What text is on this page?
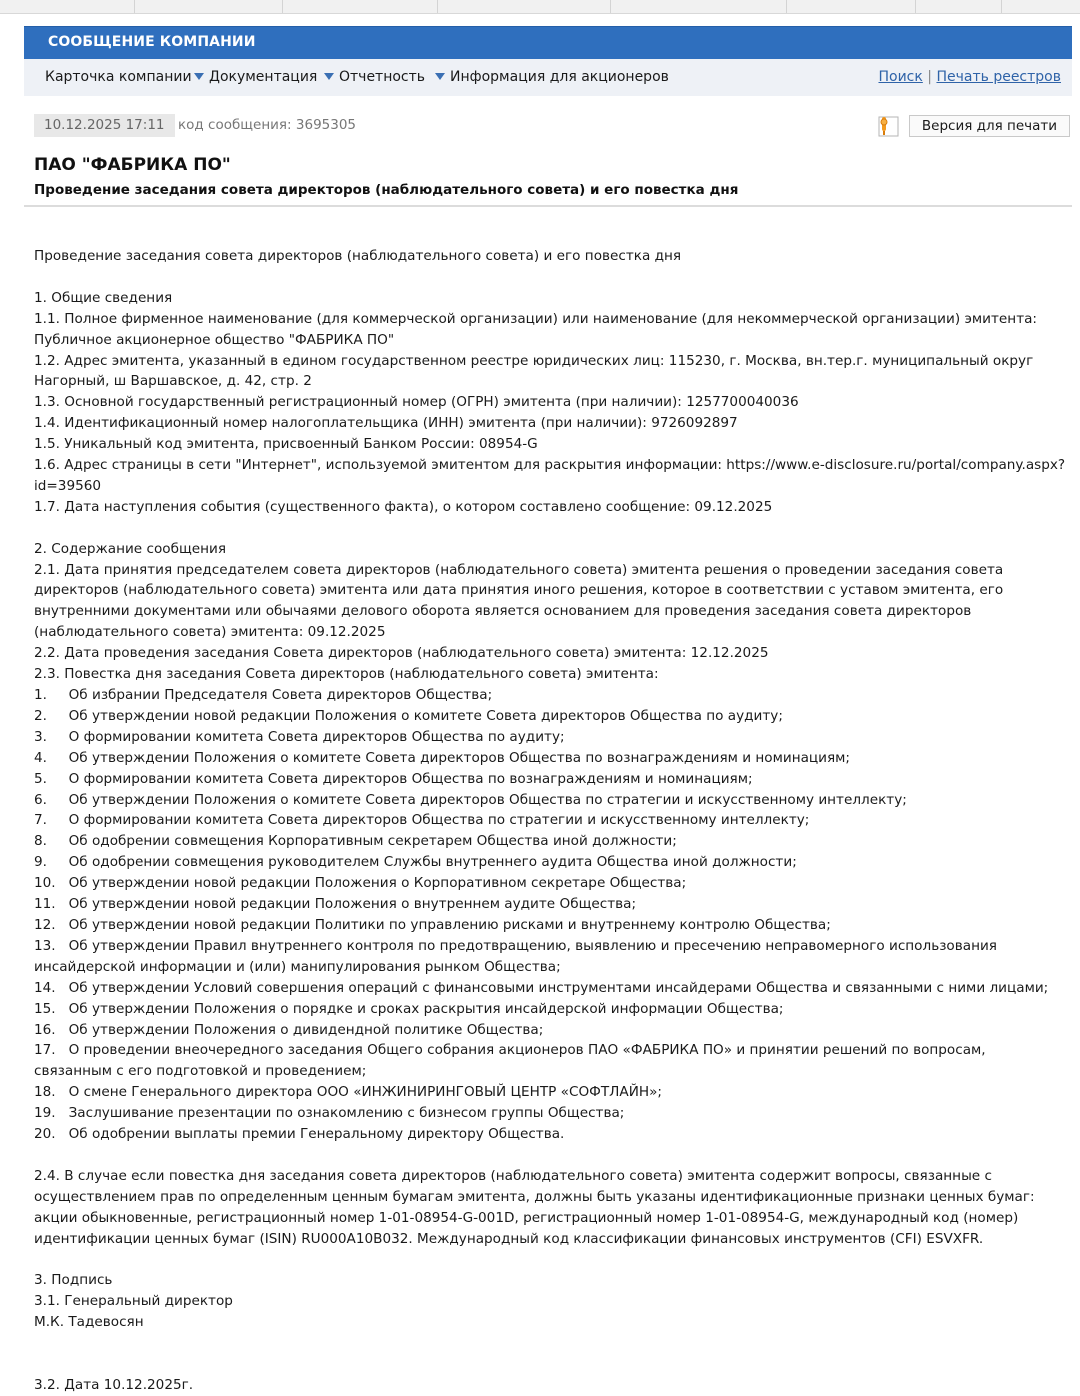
СООБЩЕНИЕ КОМПАНИИ
Карточка компании	Документация	Отчетность	Информация для акционеров	Поиск | Печать реестров
10.12.2025 17:11	код сообщения: 3695305	Версия для печати
ПАО "ФАБРИКА ПО"
Проведение заседания совета директоров (наблюдательного совета) и его повестка дня
Проведение заседания совета директоров (наблюдательного совета) и его повестка дня
1. Общие сведения
1.1. Полное фирменное наименование (для коммерческой организации) или наименование (для некоммерческой организации) эмитента: Публичное акционерное общество "ФАБРИКА ПО"
1.2. Адрес эмитента, указанный в едином государственном реестре юридических лиц: 115230, г. Москва, вн.тер.г. муниципальный округ Нагорный, ш Варшавское, д. 42, стр. 2
1.3. Основной государственный регистрационный номер (ОГРН) эмитента (при наличии): 1257700040036
1.4. Идентификационный номер налогоплательщика (ИНН) эмитента (при наличии): 9726092897
1.5. Уникальный код эмитента, присвоенный Банком России: 08954-G
1.6. Адрес страницы в сети "Интернет", используемой эмитентом для раскрытия информации: https://www.e-disclosure.ru/portal/company.aspx?id=39560
1.7. Дата наступления события (существенного факта), о котором составлено сообщение: 09.12.2025
2. Содержание сообщения
2.1. Дата принятия председателем совета директоров (наблюдательного совета) эмитента решения о проведении заседания совета директоров (наблюдательного совета) эмитента или дата принятия иного решения, которое в соответствии с уставом эмитента, его внутренними документами или обычаями делового оборота является основанием для проведения заседания совета директоров (наблюдательного совета) эмитента: 09.12.2025
2.2. Дата проведения заседания Совета директоров (наблюдательного совета) эмитента: 12.12.2025
2.3. Повестка дня заседания Совета директоров (наблюдательного совета) эмитента:
1.     Об избрании Председателя Совета директоров Общества;
2.     Об утверждении новой редакции Положения о комитете Совета директоров Общества по аудиту;
3.     О формировании комитета Совета директоров Общества по аудиту;
4.     Об утверждении Положения о комитете Совета директоров Общества по вознаграждениям и номинациям;
5.     О формировании комитета Совета директоров Общества по вознаграждениям и номинациям;
6.     Об утверждении Положения о комитете Совета директоров Общества по стратегии и искусственному интеллекту;
7.     О формировании комитета Совета директоров Общества по стратегии и искусственному интеллекту;
8.     Об одобрении совмещения Корпоративным секретарем Общества иной должности;
9.     Об одобрении совмещения руководителем Службы внутреннего аудита Общества иной должности;
10.   Об утверждении новой редакции Положения о Корпоративном секретаре Общества;
11.   Об утверждении новой редакции Положения о внутреннем аудите Общества;
12.   Об утверждении новой редакции Политики по управлению рисками и внутреннему контролю Общества;
13.   Об утверждении Правил внутреннего контроля по предотвращению, выявлению и пресечению неправомерного использования инсайдерской информации и (или) манипулирования рынком Общества;
14.   Об утверждении Условий совершения операций с финансовыми инструментами инсайдерами Общества и связанными с ними лицами;
15.   Об утверждении Положения о порядке и сроках раскрытия инсайдерской информации Общества;
16.   Об утверждении Положения о дивидендной политике Общества;
17.   О проведении внеочередного заседания Общего собрания акционеров ПАО «ФАБРИКА ПО» и принятии решений по вопросам, связанным с его подготовкой и проведением;
18.   О смене Генерального директора ООО «ИНЖИНИРИНГОВЫЙ ЦЕНТР «СОФТЛАЙН»;
19.   Заслушивание презентации по ознакомлению с бизнесом группы Общества;
20.   Об одобрении выплаты премии Генеральному директору Общества.
2.4. В случае если повестка дня заседания совета директоров (наблюдательного совета) эмитента содержит вопросы, связанные с осуществлением прав по определенным ценным бумагам эмитента, должны быть указаны идентификационные признаки ценных бумаг: акции обыкновенные, регистрационный номер 1-01-08954-G-001D, регистрационный номер 1-01-08954-G, международный код (номер) идентификации ценных бумаг (ISIN) RU000A10B032. Международный код классификации финансовых инструментов (CFI) ESVXFR.
3. Подпись
3.1. Генеральный директор
М.К. Тадевосян
3.2. Дата 10.12.2025г.
